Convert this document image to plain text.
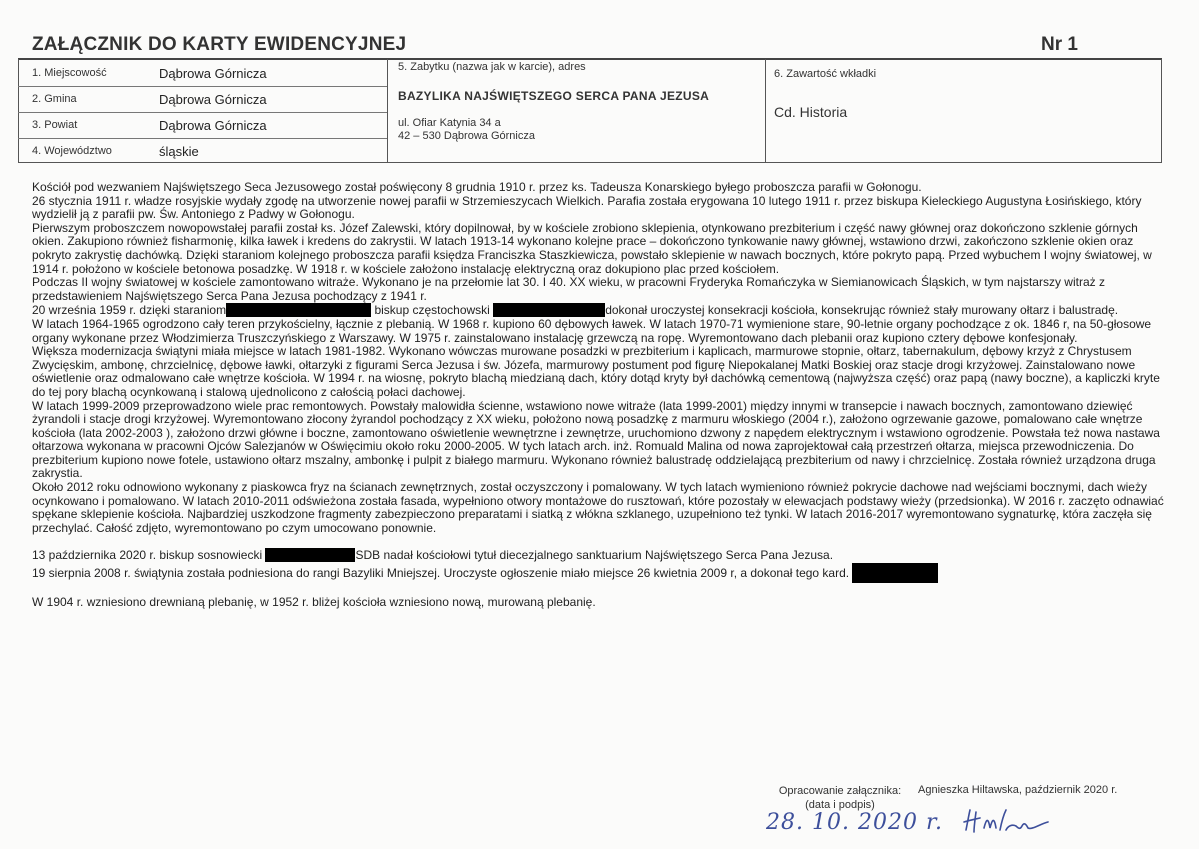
ZAŁĄCZNIK DO KARTY EWIDENCYJNEJ	Nr 1
1. Miejscowość	Dąbrowa Górnicza
2. Gmina	Dąbrowa Górnicza
3. Powiat	Dąbrowa Górnicza
4. Województwo	śląskie
5. Zabytku (nazwa jak w karcie), adres
BAZYLIKA NAJŚWIĘTSZEGO SERCA PANA JEZUSA
ul. Ofiar Katynia 34 a
42 – 530 Dąbrowa Górnicza
6. Zawartość wkładki
Cd. Historia

Kościół pod wezwaniem Najświętszego Seca Jezusowego został poświęcony 8 grudnia 1910 r. przez ks. Tadeusza Konarskiego byłego proboszcza parafii w Gołonogu.

26 stycznia 1911 r. władze rosyjskie wydały zgodę na utworzenie nowej parafii w Strzemieszycach Wielkich. Parafia została erygowana 10 lutego 1911 r. przez biskupa Kieleckiego Augustyna Łosińskiego, który wydzielił ją z parafii pw. Św. Antoniego z Padwy w Gołonogu.

Pierwszym proboszczem nowopowstałej parafii został ks. Józef Zalewski, który dopilnował, by w kościele zrobiono sklepienia, otynkowano prezbiterium i część nawy głównej oraz dokończono szklenie górnych okien. Zakupiono również fisharmonię, kilka ławek i kredens do zakrystii. W latach 1913-14 wykonano kolejne prace – dokończono tynkowanie nawy głównej, wstawiono drzwi, zakończono szklenie okien oraz pokryto zakrystię dachówką. Dzięki staraniom kolejnego proboszcza parafii księdza Franciszka Staszkiewicza, powstało sklepienie w nawach bocznych, które pokryto papą. Przed wybuchem I wojny światowej, w 1914 r. położono w kościele betonowa posadzkę. W 1918 r. w kościele założono instalację elektryczną oraz dokupiono plac przed kościołem.

Podczas II wojny światowej w kościele zamontowano witraże. Wykonano je na przełomie lat 30. I 40. XX wieku, w pracowni Fryderyka Romańczyka w Siemianowicach Śląskich, w tym najstarszy witraż z przedstawieniem Najświętszego Serca Pana Jezusa pochodzący z 1941 r.

20 września 1959 r. dzięki staraniom	biskup częstochowski	dokonał uroczystej konsekracji kościoła, konsekrując również stały murowany ołtarz i balustradę.

W latach 1964-1965 ogrodzono cały teren przykościelny, łącznie z plebanią. W 1968 r. kupiono 60 dębowych ławek. W latach 1970-71 wymienione stare, 90-letnie organy pochodzące z ok. 1846 r, na 50-głosowe organy wykonane przez Włodzimierza Truszczyńskiego z Warszawy. W 1975 r. zainstalowano instalację grzewczą na ropę. Wyremontowano dach plebanii oraz kupiono cztery dębowe konfesjonały.

Większa modernizacja świątyni miała miejsce w latach 1981-1982. Wykonano wówczas murowane posadzki w prezbiterium i kaplicach, marmurowe stopnie, ołtarz, tabernakulum, dębowy krzyż z Chrystusem Zwycięskim, ambonę, chrzcielnicę, dębowe ławki, ołtarzyki z figurami Serca Jezusa i św. Józefa, marmurowy postument pod figurę Niepokalanej Matki Boskiej oraz stacje drogi krzyżowej. Zainstalowano nowe oświetlenie oraz odmalowano całe wnętrze kościoła. W 1994 r. na wiosnę, pokryto blachą miedzianą dach, który dotąd kryty był dachówką cementową (najwyższa część) oraz papą (nawy boczne), a kapliczki kryte do tej pory blachą ocynkowaną i stalową ujednolicono z całością połaci dachowej.

W latach 1999-2009 przeprowadzono wiele prac remontowych. Powstały malowidła ścienne, wstawiono nowe witraże (lata 1999-2001) między innymi w transepcie i nawach bocznych, zamontowano dziewięć żyrandoli i stacje drogi krzyżowej. Wyremontowano złocony żyrandol pochodzący z XX wieku, położono nową posadzkę z marmuru włoskiego (2004 r.), założono ogrzewanie gazowe, pomalowano całe wnętrze kościoła (lata 2002-2003 ), założono drzwi główne i boczne, zamontowano oświetlenie wewnętrzne i zewnętrze, uruchomiono dzwony z napędem elektrycznym i wstawiono ogrodzenie. Powstała też nowa nastawa ołtarzowa wykonana w pracowni Ojców Salezjanów w Oświęcimiu około roku 2000-2005. W tych latach arch. inż. Romuald Malina od nowa zaprojektował całą przestrzeń ołtarza, miejsca przewodniczenia. Do prezbiterium kupiono nowe fotele, ustawiono ołtarz mszalny, ambonkę i pulpit z białego marmuru. Wykonano również balustradę oddzielającą prezbiterium od nawy i chrzcielnicę. Została również urządzona druga zakrystia.

Około 2012 roku odnowiono wykonany z piaskowca fryz na ścianach zewnętrznych, został oczyszczony i pomalowany. W tych latach wymieniono również pokrycie dachowe nad wejściami bocznymi, dach wieży ocynkowano i pomalowano. W latach 2010-2011 odświeżona została fasada, wypełniono otwory montażowe do rusztowań, które pozostały w elewacjach podstawy wieży (przedsionka). W 2016 r. zaczęto odnawiać spękane sklepienie kościoła. Najbardziej uszkodzone fragmenty zabezpieczono preparatami i siatką z włókna szklanego, uzupełniono też tynki. W latach 2016-2017 wyremontowano sygnaturkę, która zaczęła się przechylać. Całość zdjęto, wyremontowano po czym umocowano ponownie.

13 października 2020 r. biskup sosnowiecki	SDB nadał kościołowi tytuł diecezjalnego sanktuarium Najświętszego Serca Pana Jezusa.

19 sierpnia 2008 r. świątynia została podniesiona do rangi Bazyliki Mniejszej. Uroczyste ogłoszenie miało miejsce 26 kwietnia 2009 r, a dokonał tego kard.

W 1904 r. wzniesiono drewnianą plebanię, w 1952 r. bliżej kościoła wzniesiono nową, murowaną plebanię.

Opracowanie załącznika:
(data i podpis)
Agnieszka Hiltawska, październik 2020 r.
28. 10. 2020 r.
